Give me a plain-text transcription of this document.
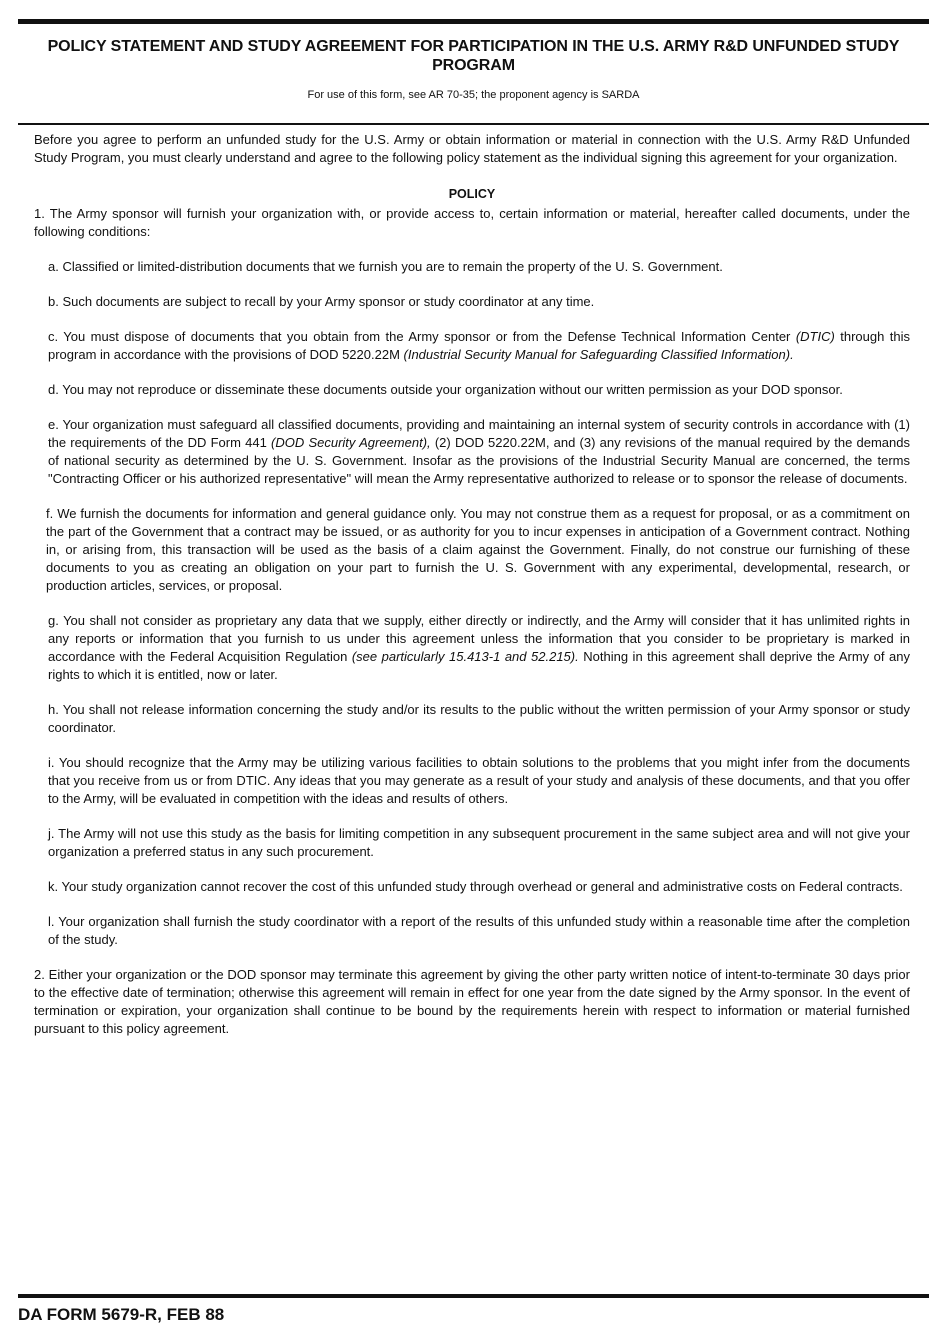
POLICY STATEMENT AND STUDY AGREEMENT FOR PARTICIPATION IN THE U.S. ARMY R&D UNFUNDED STUDY PROGRAM
For use of this form, see AR 70-35; the proponent agency is SARDA

Before you agree to perform an unfunded study for the U.S. Army or obtain information or material in connection with the U.S. Army R&D Unfunded Study Program, you must clearly understand and agree to the following policy statement as the individual signing this agreement for your organization.

POLICY

1. The Army sponsor will furnish your organization with, or provide access to, certain information or material, hereafter called documents, under the following conditions:

a. Classified or limited-distribution documents that we furnish you are to remain the property of the U. S. Government.

b. Such documents are subject to recall by your Army sponsor or study coordinator at any time.

c. You must dispose of documents that you obtain from the Army sponsor or from the Defense Technical Information Center (DTIC) through this program in accordance with the provisions of DOD 5220.22M (Industrial Security Manual for Safeguarding Classified Information).

d. You may not reproduce or disseminate these documents outside your organization without our written permission as your DOD sponsor.

e. Your organization must safeguard all classified documents, providing and maintaining an internal system of security controls in accordance with (1) the requirements of the DD Form 441 (DOD Security Agreement), (2) DOD 5220.22M, and (3) any revisions of the manual required by the demands of national security as determined by the U. S. Government. Insofar as the provisions of the Industrial Security Manual are concerned, the terms "Contracting Officer or his authorized representative" will mean the Army representative authorized to release or to sponsor the release of documents.

f. We furnish the documents for information and general guidance only. You may not construe them as a request for proposal, or as a commitment on the part of the Government that a contract may be issued, or as authority for you to incur expenses in anticipation of a Government contract. Nothing in, or arising from, this transaction will be used as the basis of a claim against the Government. Finally, do not construe our furnishing of these documents to you as creating an obligation on your part to furnish the U. S. Government with any experimental, developmental, research, or production articles, services, or proposal.

g. You shall not consider as proprietary any data that we supply, either directly or indirectly, and the Army will consider that it has unlimited rights in any reports or information that you furnish to us under this agreement unless the information that you consider to be proprietary is marked in accordance with the Federal Acquisition Regulation (see particularly 15.413-1 and 52.215). Nothing in this agreement shall deprive the Army of any rights to which it is entitled, now or later.

h. You shall not release information concerning the study and/or its results to the public without the written permission of your Army sponsor or study coordinator.

i. You should recognize that the Army may be utilizing various facilities to obtain solutions to the problems that you might infer from the documents that you receive from us or from DTIC. Any ideas that you may generate as a result of your study and analysis of these documents, and that you offer to the Army, will be evaluated in competition with the ideas and results of others.

j. The Army will not use this study as the basis for limiting competition in any subsequent procurement in the same subject area and will not give your organization a preferred status in any such procurement.

k. Your study organization cannot recover the cost of this unfunded study through overhead or general and administrative costs on Federal contracts.

l. Your organization shall furnish the study coordinator with a report of the results of this unfunded study within a reasonable time after the completion of the study.

2. Either your organization or the DOD sponsor may terminate this agreement by giving the other party written notice of intent-to-terminate 30 days prior to the effective date of termination; otherwise this agreement will remain in effect for one year from the date signed by the Army sponsor. In the event of termination or expiration, your organization shall continue to be bound by the requirements herein with respect to information or material furnished pursuant to this policy agreement.

DA FORM 5679-R, FEB 88
